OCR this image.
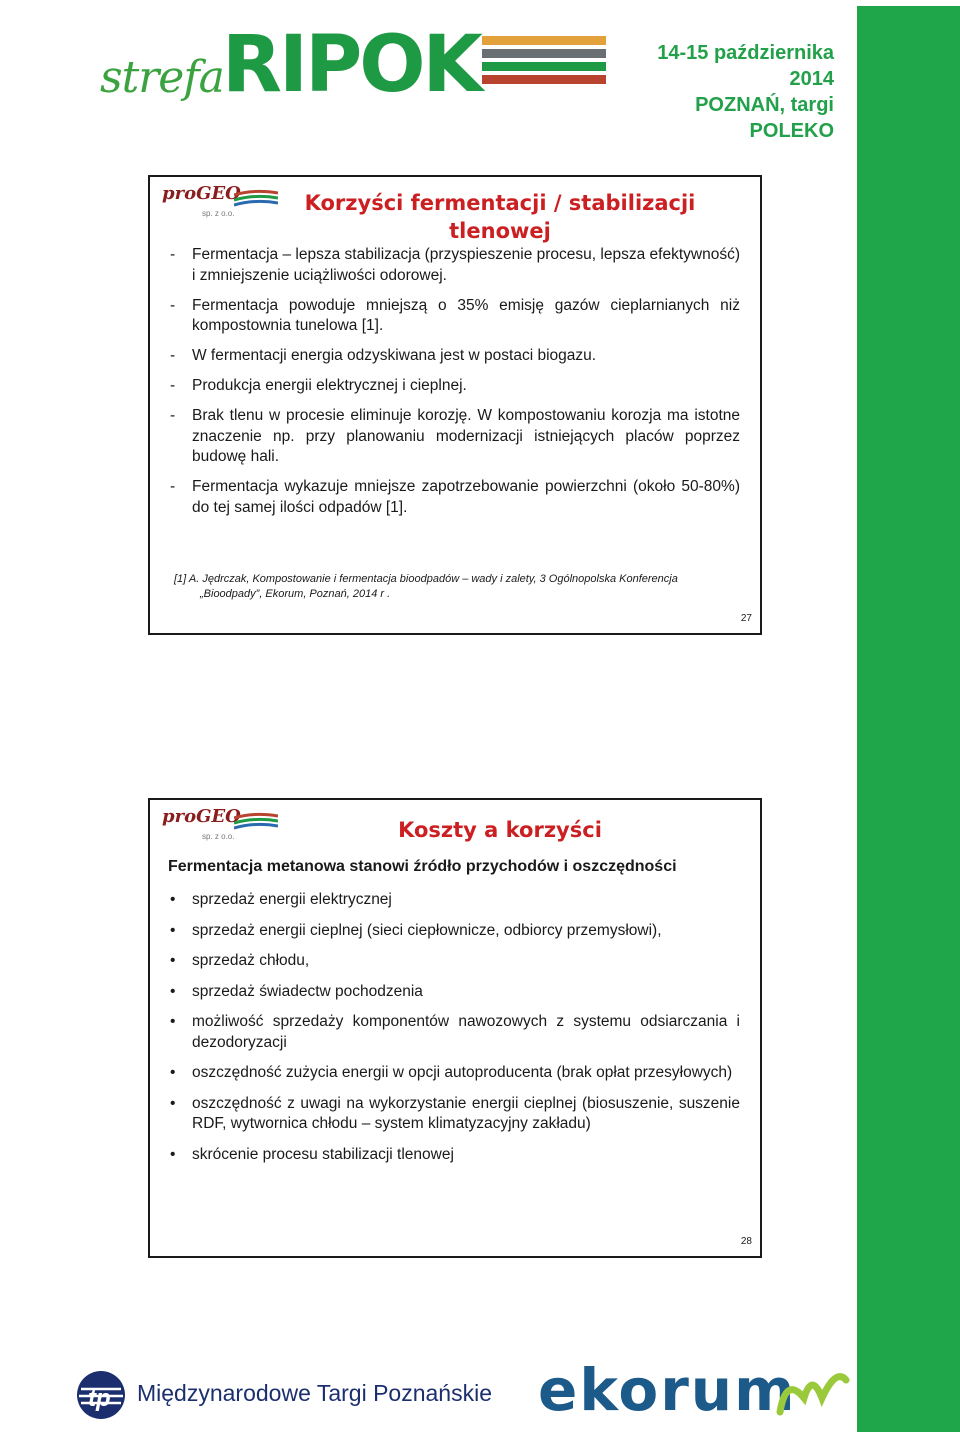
strefa
RIPOK	14-15 października
2014
POZNAŃ, targi
POLEKO
proGEO
sp. z o.o.	Korzyści fermentacji / stabilizacji
tlenowej
-	Fermentacja – lepsza stabilizacja (przyspieszenie procesu, lepsza efektywność) i zmniejszenie uciążliwości odorowej.
-	Fermentacja powoduje mniejszą o 35% emisję gazów cieplarnianych niż kompostownia tunelowa [1].
-	W fermentacji energia odzyskiwana jest w postaci biogazu.
-	Produkcja energii elektrycznej i cieplnej.
-	Brak tlenu w procesie eliminuje korozję. W kompostowaniu korozja ma istotne znaczenie np. przy planowaniu modernizacji istniejących placów poprzez budowę hali.
-	Fermentacja wykazuje mniejsze zapotrzebowanie powierzchni (około 50-80%) do tej samej ilości odpadów [1].
[1] A. Jędrczak, Kompostowanie i fermentacja bioodpadów – wady i zalety, 3 Ogólnopolska Konferencja
„Bioodpady”, Ekorum, Poznań, 2014 r .
27
proGEO
sp. z o.o.	Koszty a korzyści
Fermentacja metanowa stanowi źródło przychodów i oszczędności
•	sprzedaż energii elektrycznej
•	sprzedaż energii cieplnej (sieci ciepłownicze, odbiorcy przemysłowi),
•	sprzedaż chłodu,
•	sprzedaż świadectw pochodzenia
•	możliwość sprzedaży komponentów nawozowych z systemu odsiarczania i dezodoryzacji
•	oszczędność zużycia energii w opcji autoproducenta (brak opłat przesyłowych)
•	oszczędność z uwagi na wykorzystanie energii cieplnej (biosuszenie, suszenie RDF, wytwornica chłodu – system klimatyzacyjny zakładu)
•	skrócenie procesu stabilizacji tlenowej
28
tp Międzynarodowe Targi Poznańskie ekorum
